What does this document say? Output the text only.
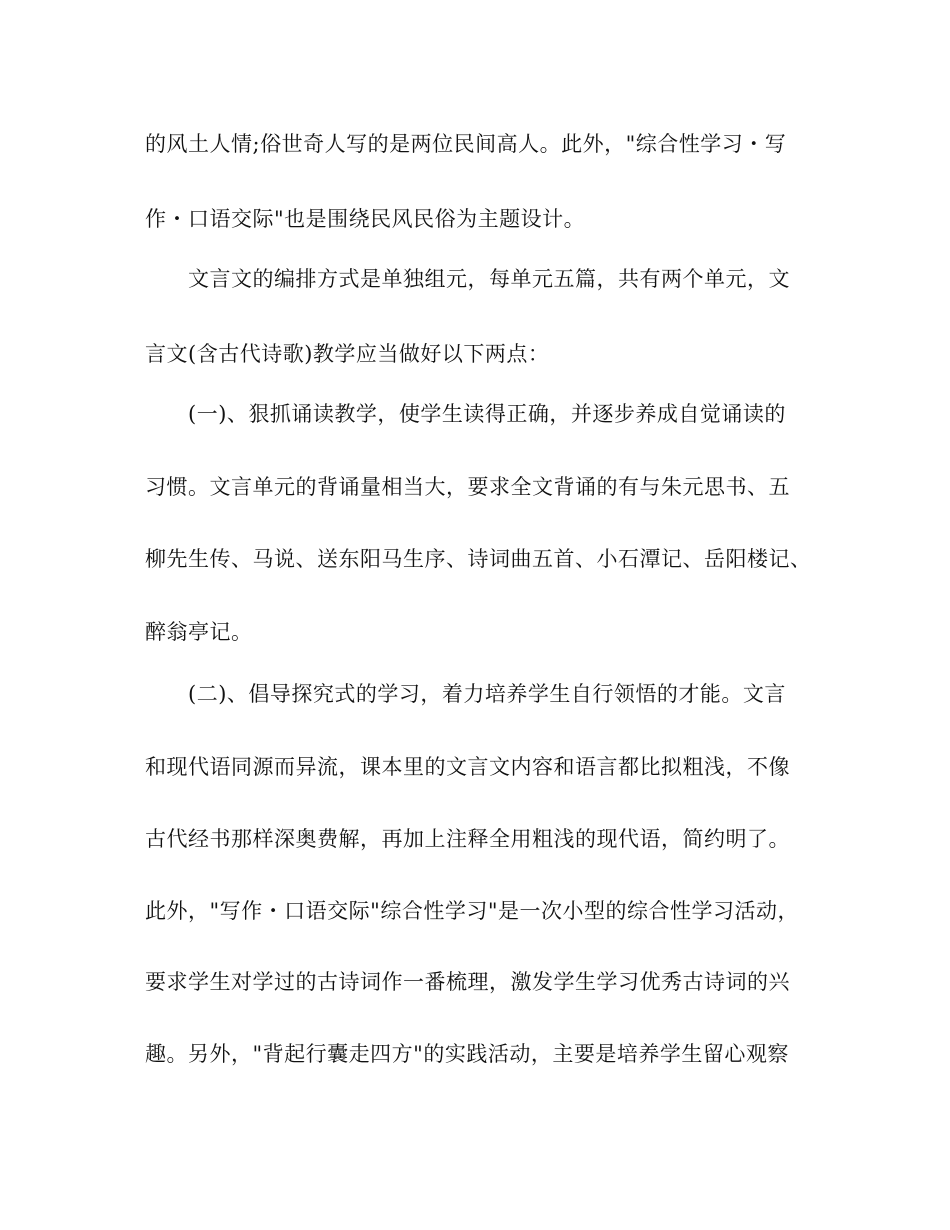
的风土人情;俗世奇人写的是两位民间高人。此外，"综合性学习・写
作・口语交际"也是围绕民风民俗为主题设计。
文言文的编排方式是单独组元，每单元五篇，共有两个单元，文
言文(含古代诗歌)教学应当做好以下两点：
(一)、狠抓诵读教学，使学生读得正确，并逐步养成自觉诵读的
习惯。文言单元的背诵量相当大，要求全文背诵的有与朱元思书、五
柳先生传、马说、送东阳马生序、诗词曲五首、小石潭记、岳阳楼记、
醉翁亭记。
(二)、倡导探究式的学习，着力培养学生自行领悟的才能。文言
和现代语同源而异流，课本里的文言文内容和语言都比拟粗浅，不像
古代经书那样深奥费解，再加上注释全用粗浅的现代语，简约明了。
此外，"写作・口语交际"综合性学习"是一次小型的综合性学习活动，
要求学生对学过的古诗词作一番梳理，激发学生学习优秀古诗词的兴
趣。另外，"背起行囊走四方"的实践活动，主要是培养学生留心观察
